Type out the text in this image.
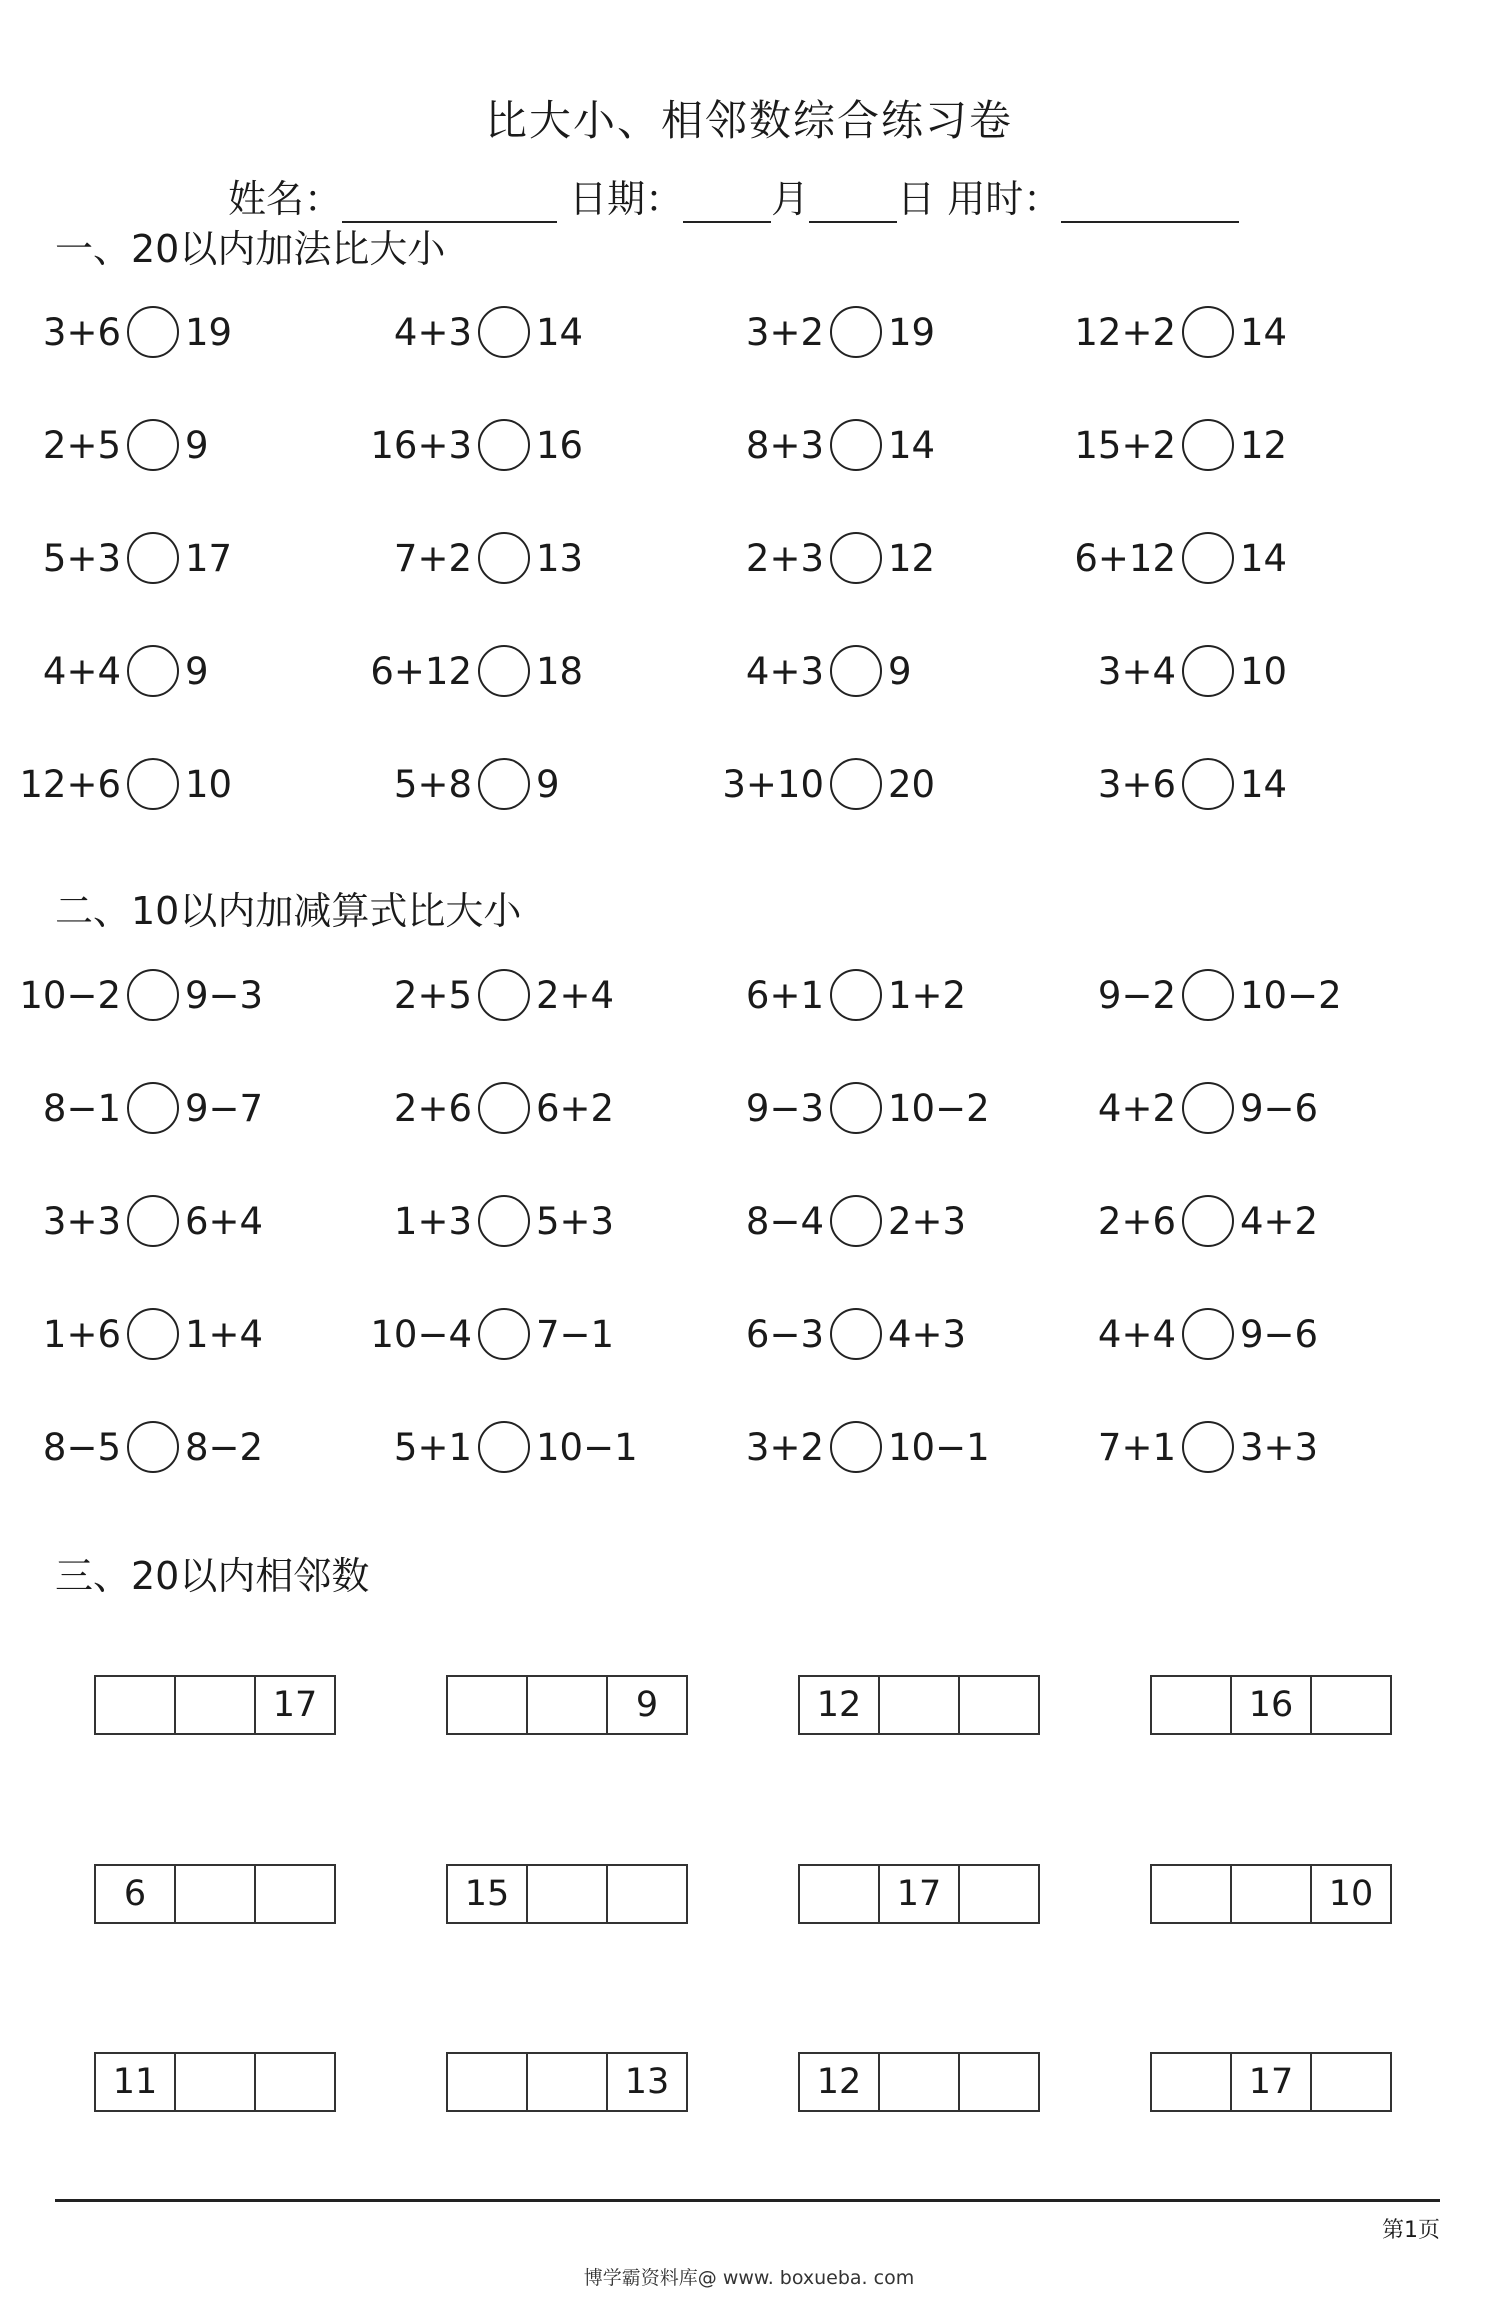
比大小、相邻数综合练习卷
姓名：	日期： 月 日 用时：
一、20以内加法比大小
二、10以内加减算式比大小
三、20以内相邻数
3+6 19	4+3 14	3+2 19	12+2 14
2+5 9	16+3 16	8+3 14	15+2 12
5+3 17	7+2 13	2+3 12	6+12 14
4+4 9	6+12 18	4+3 9	3+4 10
12+6 10	5+8 9	3+10 20	3+6 14
10−2 9−3	2+5 2+4	6+1 1+2	9−2 10−2
8−1 9−7	2+6 6+2	9−3 10−2	4+2 9−6
3+3 6+4	1+3 5+3	8−4 2+3	2+6 4+2
1+6 1+4	10−4 7−1	6−3 4+3	4+4 9−6
8−5 8−2	5+1 10−1	3+2 10−1	7+1 3+3
17	9	12	16
6	15	17	10
11	13	12	17
第1页
博学霸资料库@ www. boxueba. com
